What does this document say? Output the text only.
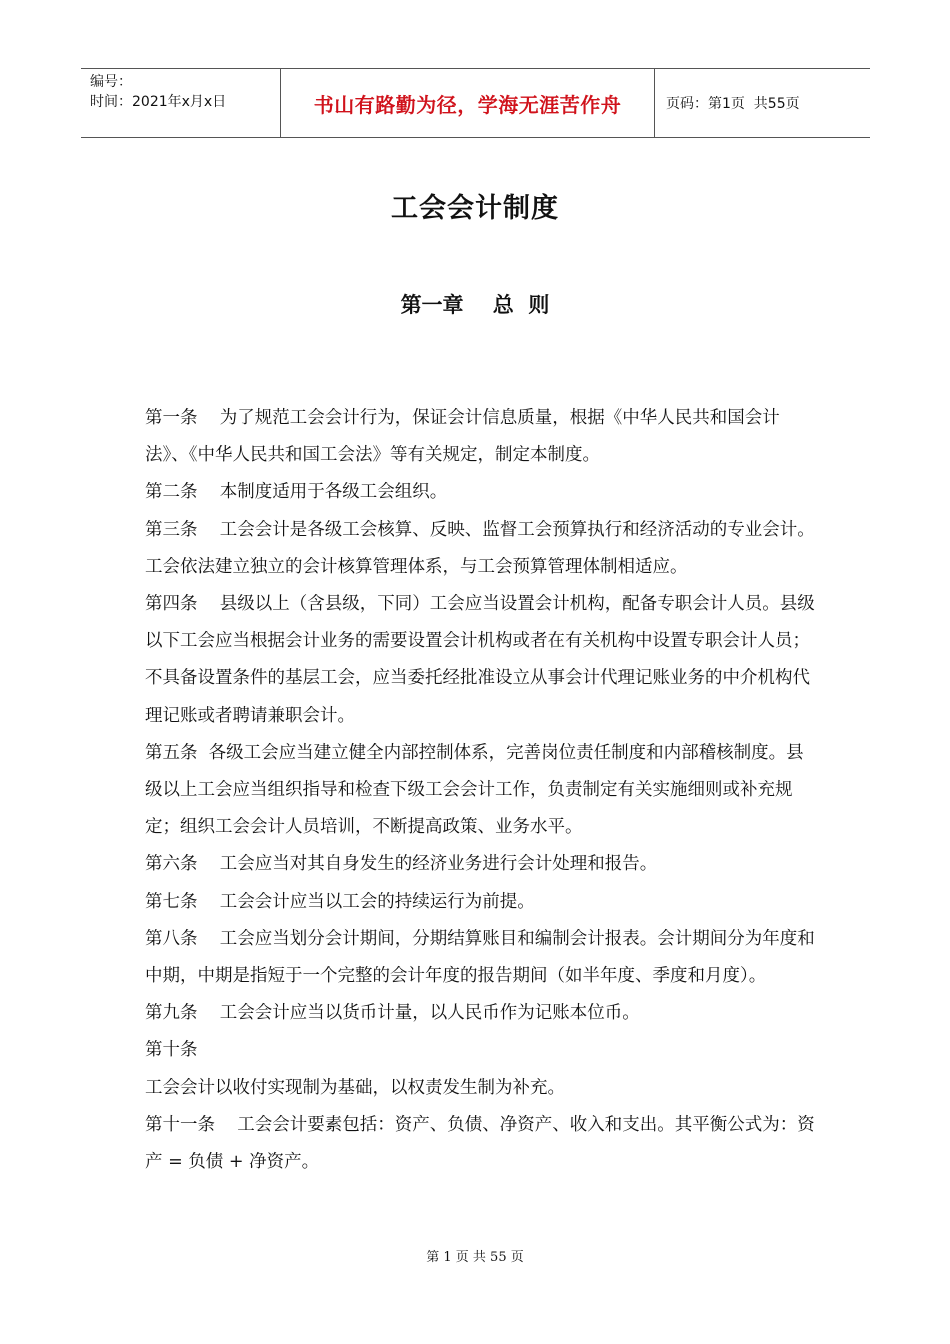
编号：
时间：2021年x月x日	书山有路勤为径，学海无涯苦作舟	页码：第1页  共55页
工会会计制度
第一章    总  则

第一条    为了规范工会会计行为，保证会计信息质量，根据《中华人民共和国会计法》、《中华人民共和国工会法》等有关规定，制定本制度。

第二条    本制度适用于各级工会组织。

第三条    工会会计是各级工会核算、反映、监督工会预算执行和经济活动的专业会计。工会依法建立独立的会计核算管理体系，与工会预算管理体制相适应。

第四条    县级以上（含县级，下同）工会应当设置会计机构，配备专职会计人员。县级以下工会应当根据会计业务的需要设置会计机构或者在有关机构中设置专职会计人员；不具备设置条件的基层工会，应当委托经批准设立从事会计代理记账业务的中介机构代理记账或者聘请兼职会计。

第五条  各级工会应当建立健全内部控制体系，完善岗位责任制度和内部稽核制度。县级以上工会应当组织指导和检查下级工会会计工作，负责制定有关实施细则或补充规定；组织工会会计人员培训，不断提高政策、业务水平。

第六条    工会应当对其自身发生的经济业务进行会计处理和报告。

第七条    工会会计应当以工会的持续运行为前提。

第八条    工会应当划分会计期间，分期结算账目和编制会计报表。会计期间分为年度和中期，中期是指短于一个完整的会计年度的报告期间（如半年度、季度和月度）。

第九条    工会会计应当以货币计量，以人民币作为记账本位币。

第十条

工会会计以收付实现制为基础，以权责发生制为补充。

第十一条    工会会计要素包括：资产、负债、净资产、收入和支出。其平衡公式为：资产 = 负债 + 净资产。

第 1 页 共 55 页
